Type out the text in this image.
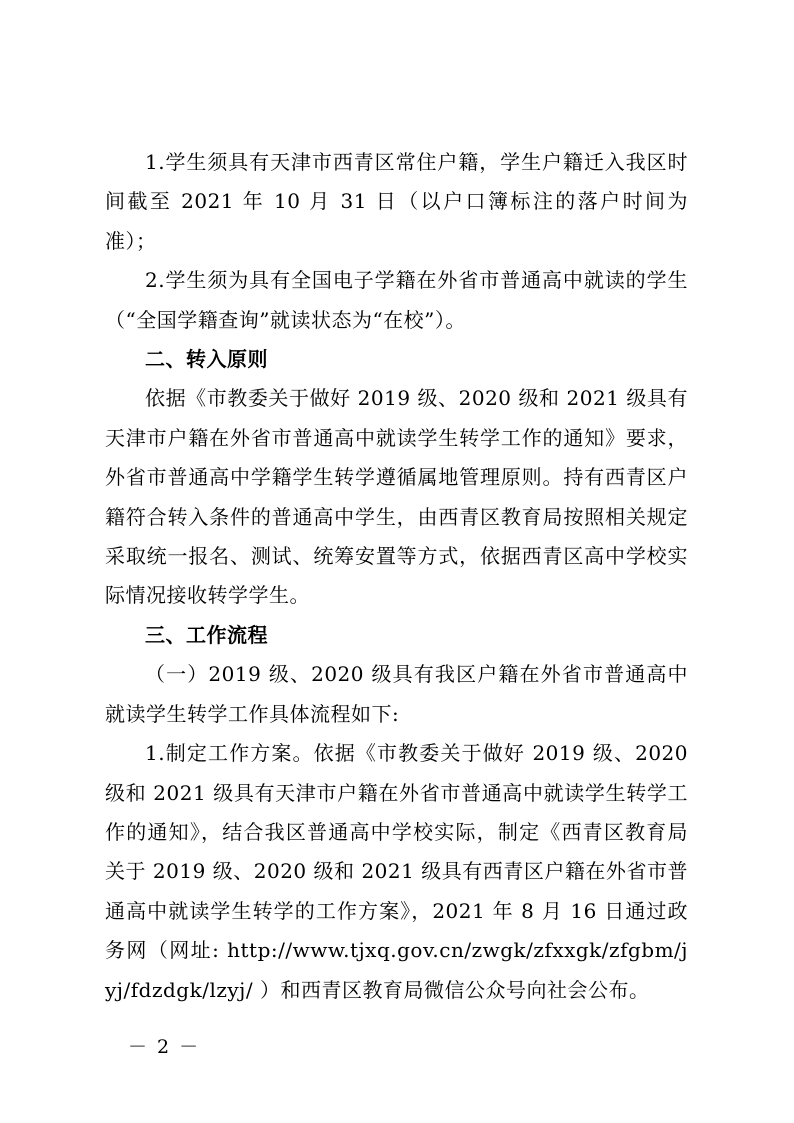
1.学生须具有天津市西青区常住户籍，学生户籍迁入我区时间截至 2021 年 10 月 31 日（以户口簿标注的落户时间为准）；

2.学生须为具有全国电子学籍在外省市普通高中就读的学生（“全国学籍查询”就读状态为“在校”）。

二、转入原则

依据《市教委关于做好 2019 级、2020 级和 2021 级具有天津市户籍在外省市普通高中就读学生转学工作的通知》要求，外省市普通高中学籍学生转学遵循属地管理原则。持有西青区户籍符合转入条件的普通高中学生，由西青区教育局按照相关规定采取统一报名、测试、统筹安置等方式，依据西青区高中学校实际情况接收转学学生。

三、工作流程

（一）2019 级、2020 级具有我区户籍在外省市普通高中就读学生转学工作具体流程如下:

1.制定工作方案。依据《市教委关于做好 2019 级、2020 级和 2021 级具有天津市户籍在外省市普通高中就读学生转学工作的通知》，结合我区普通高中学校实际，制定《西青区教育局关于 2019 级、2020 级和 2021 级具有西青区户籍在外省市普通高中就读学生转学的工作方案》，2021 年 8 月 16 日通过政务网（网址: http://www.tjxq.gov.cn/zwgk/zfxxgk/zfgbm/jyj/fdzdgk/lzyj/ ）和西青区教育局微信公众号向社会公布。

－ 2 －
